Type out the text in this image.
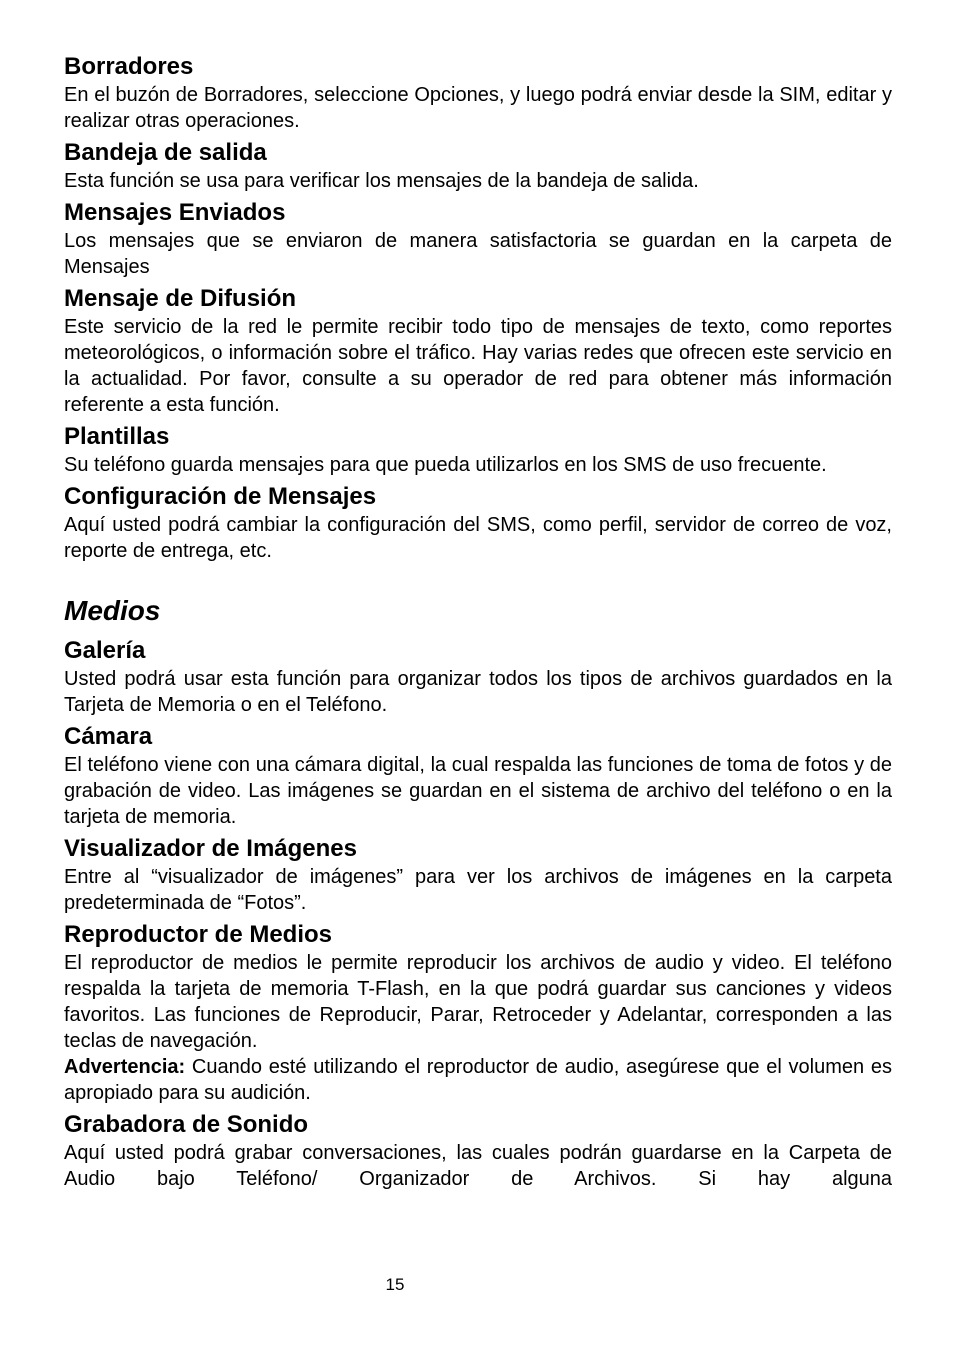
Borradores
En el buzón de Borradores, seleccione Opciones, y luego podrá enviar desde la SIM, editar y realizar otras operaciones.
Bandeja de salida
Esta función se usa para verificar los mensajes de la bandeja de salida.
Mensajes Enviados
Los mensajes que se enviaron de manera satisfactoria se guardan en la carpeta de Mensajes
Mensaje de Difusión
Este servicio de la red le permite recibir todo tipo de mensajes de texto, como reportes meteorológicos, o información sobre el tráfico. Hay varias redes que ofrecen este servicio en la actualidad. Por favor, consulte a su operador de red para obtener más información referente a esta función.
Plantillas
Su teléfono guarda mensajes para que pueda utilizarlos en los SMS de uso frecuente.
Configuración de Mensajes
Aquí usted podrá cambiar la configuración del SMS, como perfil, servidor de correo de voz, reporte de entrega, etc.
Medios
Galería
Usted podrá usar esta función para organizar todos los tipos de archivos guardados en la Tarjeta de Memoria o en el Teléfono.
Cámara
El teléfono viene con una cámara digital, la cual respalda las funciones de toma de fotos y de grabación de video. Las imágenes se guardan en el sistema de archivo del teléfono o en la tarjeta de memoria.
Visualizador de Imágenes
Entre al “visualizador de imágenes” para ver los archivos de imágenes en la carpeta predeterminada de “Fotos”.
Reproductor de Medios
El reproductor de medios le permite reproducir los archivos de audio y video. El teléfono respalda la tarjeta de memoria T-Flash, en la que podrá guardar sus canciones y videos favoritos. Las funciones de Reproducir, Parar, Retroceder y Adelantar, corresponden a las teclas de navegación.
Advertencia: Cuando esté utilizando el reproductor de audio, asegúrese que el volumen es apropiado para su audición.
Grabadora de Sonido
Aquí usted podrá grabar conversaciones, las cuales podrán guardarse en la Carpeta de Audio bajo Teléfono/ Organizador de Archivos. Si hay alguna
15
